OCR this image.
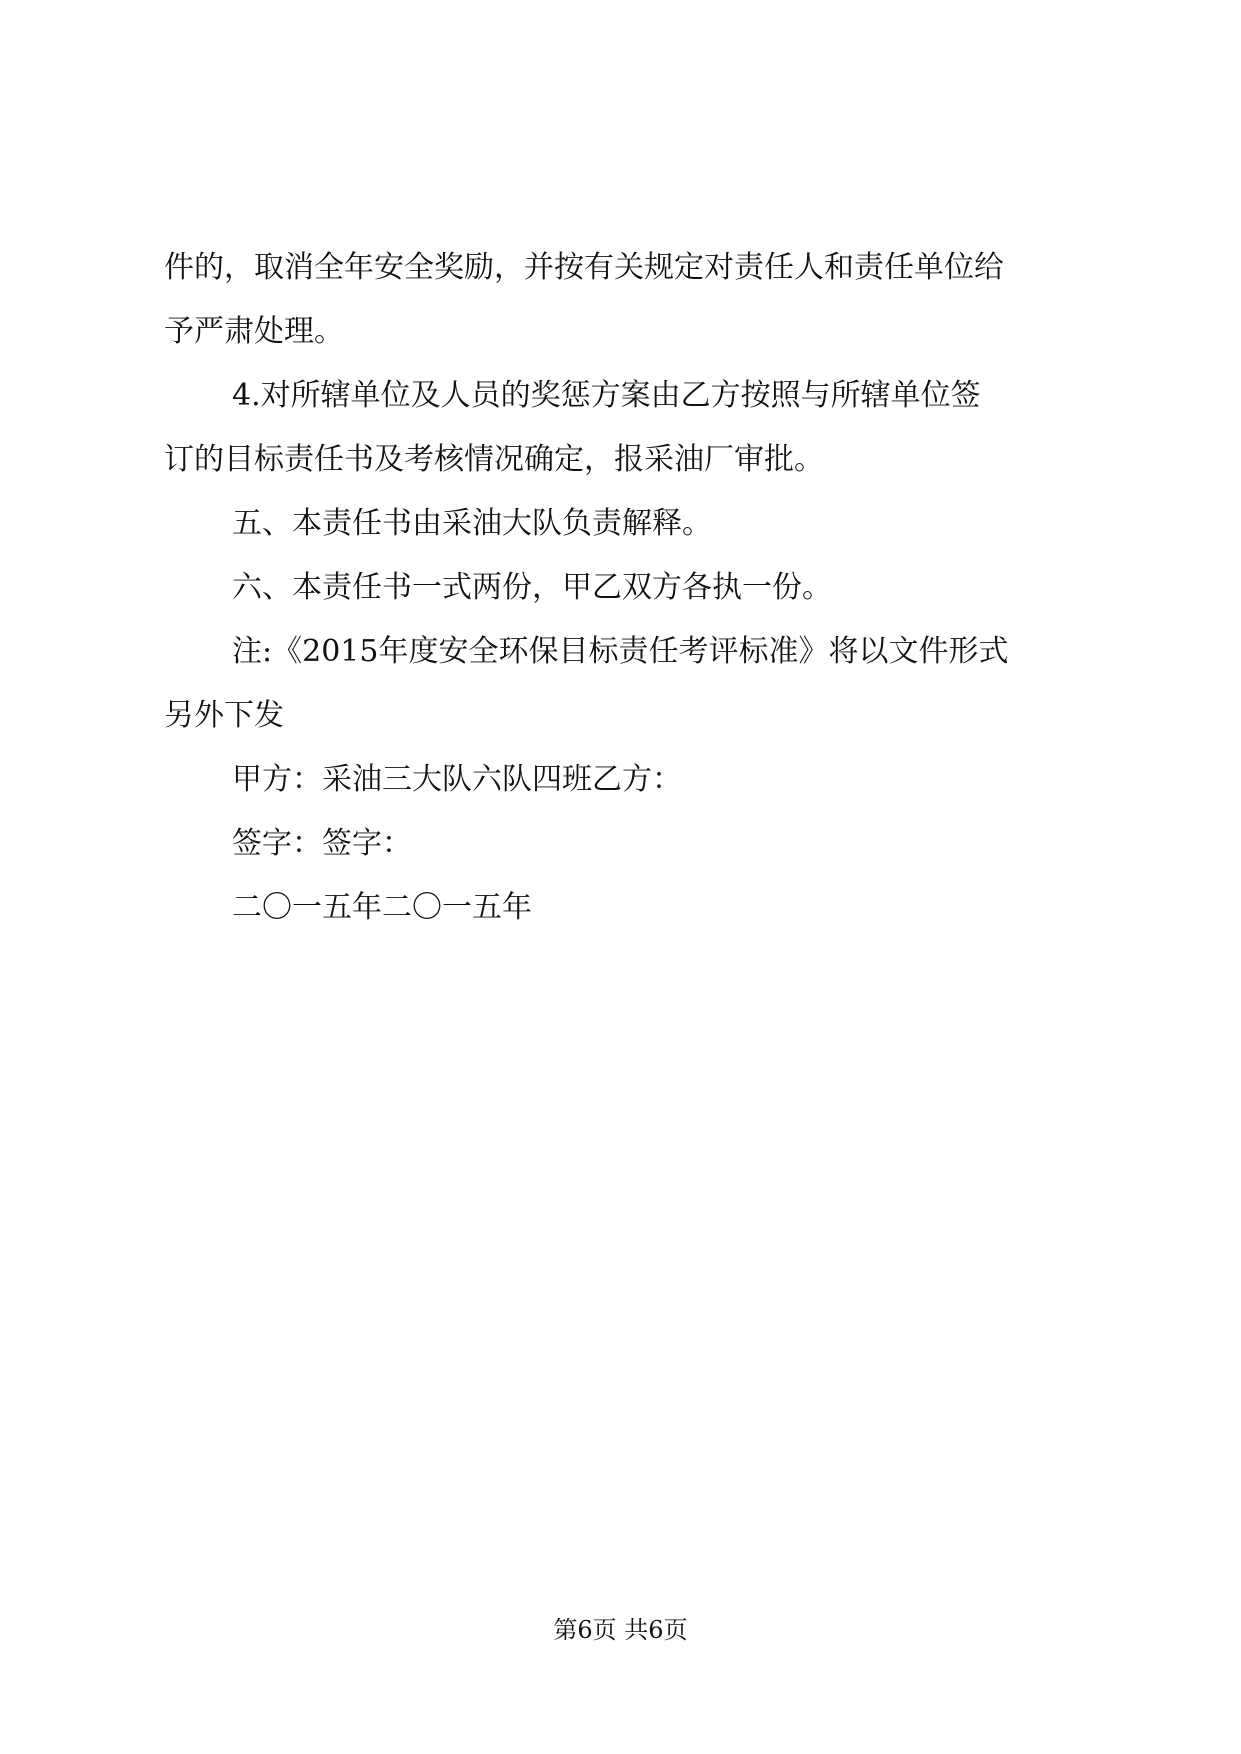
件的，取消全年安全奖励，并按有关规定对责任人和责任单位给

予严肃处理。

4.对所辖单位及人员的奖惩方案由乙方按照与所辖单位签

订的目标责任书及考核情况确定，报采油厂审批。

五、本责任书由采油大队负责解释。

六、本责任书一式两份，甲乙双方各执一份。

注:《2015年度安全环保目标责任考评标准》将以文件形式

另外下发

甲方：采油三大队六队四班乙方：

签字：签字：

二〇一五年二〇一五年

第6页 共6页
